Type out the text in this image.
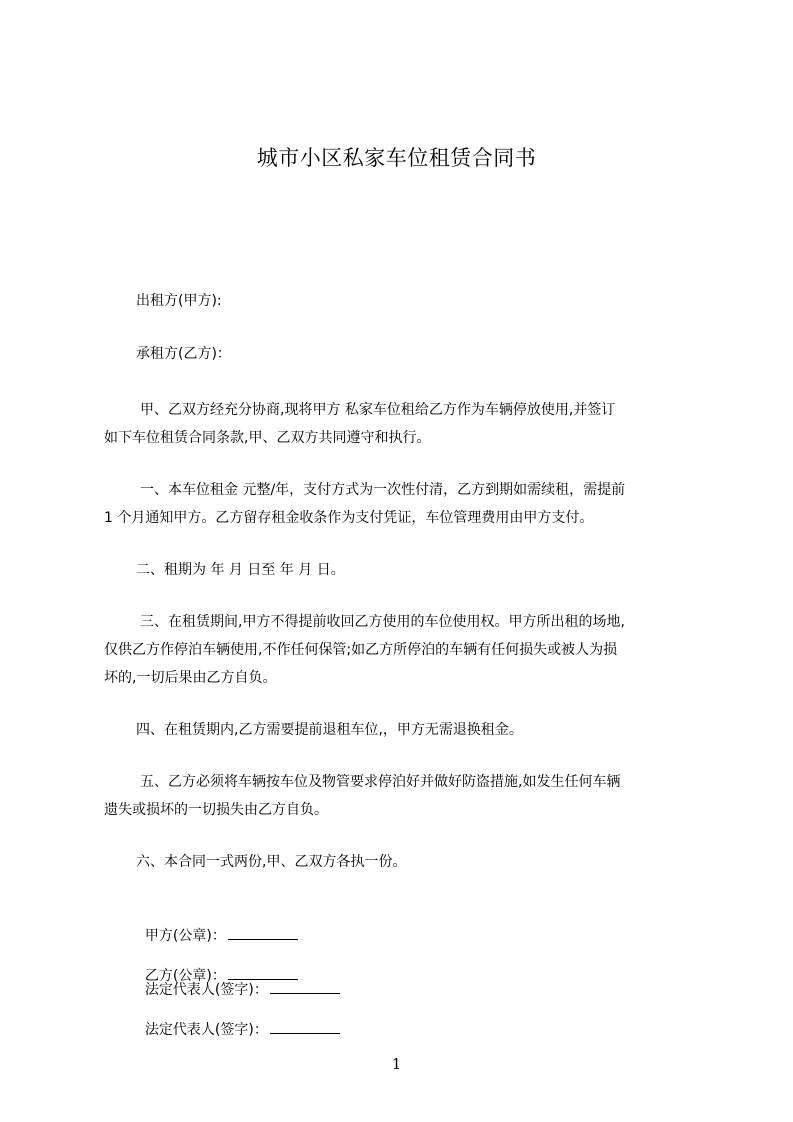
城市小区私家车位租赁合同书
出租方(甲方):
承租方(乙方)：
甲、乙双方经充分协商,现将甲方 私家车位租给乙方作为车辆停放使用,并签订
如下车位租赁合同条款,甲、乙双方共同遵守和执行。
一、本车位租金 元整/年，支付方式为一次性付清，乙方到期如需续租，需提前
1 个月通知甲方。乙方留存租金收条作为支付凭证，车位管理费用由甲方支付。
二、租期为 年 月 日至 年 月 日。
三、在租赁期间,甲方不得提前收回乙方使用的车位使用权。甲方所出租的场地,
仅供乙方作停泊车辆使用,不作任何保管;如乙方所停泊的车辆有任何损失或被人为损
坏的,一切后果由乙方自负。
四、在租赁期内,乙方需要提前退租车位,，甲方无需退换租金。
五、乙方必须将车辆按车位及物管要求停泊好并做好防盗措施,如发生任何车辆
遗失或损坏的一切损失由乙方自负。
六、本合同一式两份,甲、乙双方各执一份。

甲方(公章)：

乙方(公章)：

法定代表人(签字)：

法定代表人(签字)：

1
